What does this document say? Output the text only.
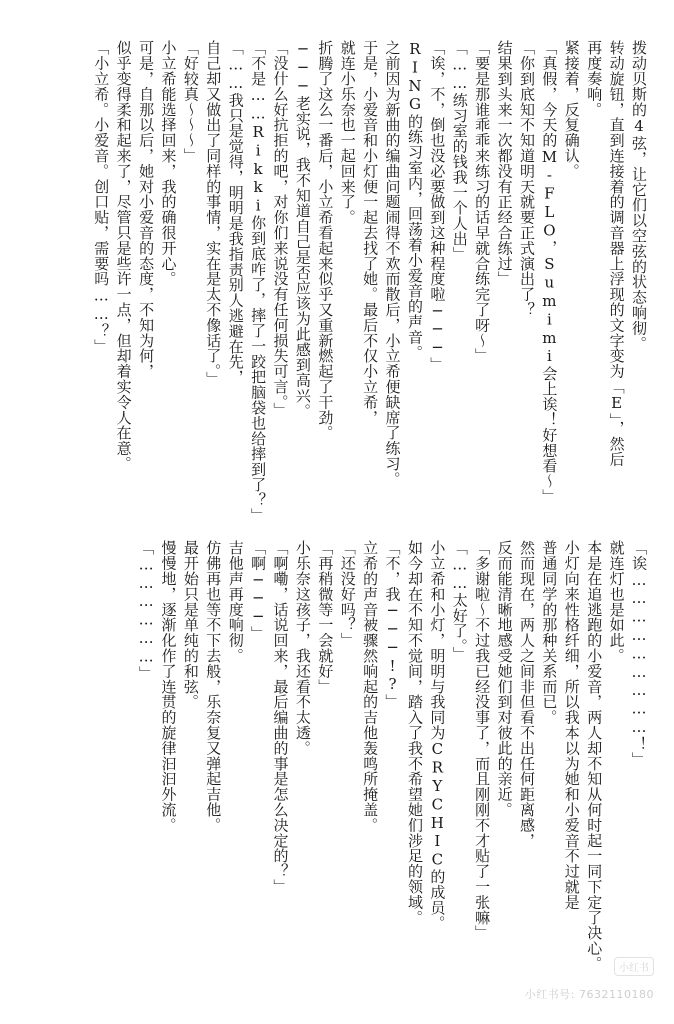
拨动贝斯的4弦，让它们以空弦的状态响彻。

转动旋钮，直到连接着的调音器上浮现的文字变为「E」，然后

再度奏响。

紧接着，反复确认。

「真假，今天的M‐FLO，Sumimi会上诶！好想看～」

「你到底知不知道明天就要正式演出了？

结果到头来一次都没有正经合练过」

「要是那谁乖乖来练习的话早就合练完了呀～」

「……练习室的钱我一个人出」

「诶，不，倒也没必要做到这种程度啦───」

RING的练习室内，回荡着小爱音的声音。

之前因为新曲的编曲问题闹得不欢而散后，小立希便缺席了练习。

于是，小爱音和小灯便一起去找了她。最后不仅小立希，

就连小乐奈也一起回来了。

折腾了这么一番后，小立希看起来似乎又重新燃起了干劲。

───老实说，我不知道自己是否应该为此感到高兴。

「没什么好抗拒的吧，对你们来说没有任何损失可言。」

「不是……Rikki你到底咋了，摔了一跤把脑袋也给摔到了？」

「……我只是觉得，明明是我指责别人逃避在先，

自己却又做出了同样的事情，实在是太不像话了。」

「好较真～～～」

小立希能选择回来，我的确很开心。

可是，自那以后，她对小爱音的态度，不知为何，

似乎变得柔和起来了，尽管只是些许一点，但却着实令人在意。

「小立希。小爱音。创口贴，需要吗……？」

「诶………………………！」

就连灯也是如此。

本是在追逃跑的小爱音，两人却不知从何时起一同下定了决心。

小灯向来性格纤细，所以我本以为她和小爱音不过就是

普通同学的那种关系而已。

然而现在，两人之间非但看不出任何距离感，

反而能清晰地感受她们到对彼此的亲近。

「多谢啦～不过我已经没事了，而且刚刚不才贴了一张嘛」

「……太好了。」

小立希和小灯，明明与我同为CRYCHIC的成员。

如今却在不知不觉间，踏入了我不希望她们涉足的领域。

「不，我───!?」

立希的声音被骤然响起的吉他轰鸣所掩盖。

「还没好吗？」

「再稍微等一会就好」

小乐奈这孩子，我还看不太透。

「啊嘞，话说回来，最后编曲的事是怎么决定的？」

「啊───」

吉他声再度响彻。

仿佛再也等不下去般，乐奈复又弹起吉他。

最开始只是单纯的和弦。

慢慢地，逐渐化作了连贯的旋律汩汩外流。

「………………」

小红书
小红书号: 7632110180
